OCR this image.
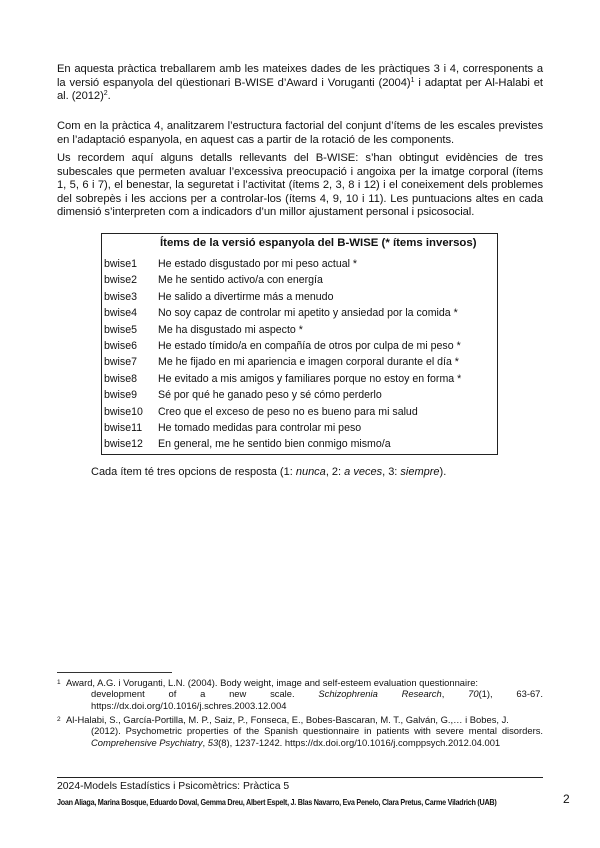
En aquesta pràctica treballarem amb les mateixes dades de les pràctiques 3 i 4, corresponents a la versió espanyola del qüestionari B-WISE d’Award i Voruganti $(2004)^1$ i adaptat per Al-Halabi et al. $(2012)^2$.

Com en la pràctica 4, analitzarem l’estructura factorial del conjunt d’ítems de les escales previstes en l’adaptació espanyola, en aquest cas a partir de la rotació de les components.

Us recordem aquí alguns detalls rellevants del B-WISE: s’han obtingut evidències de tres subescales que permeten avaluar l’excessiva preocupació i angoixa per la imatge corporal (ítems 1, 5, 6 i 7), el benestar, la seguretat i l’activitat (ítems 2, 3, 8 i 12) i el coneixement dels problemes del sobrepès i les accions per a controlar-los (ítems 4, 9, 10 i 11). Les puntuacions altes en cada dimensió s’interpreten com a indicadors d’un millor ajustament personal i psicosocial.

Ítems de la versió espanyola del B-WISE (* ítems inversos)
bwise1 He estado disgustado por mi peso actual *
bwise2 Me he sentido activo/a con energía
bwise3 He salido a divertirme más a menudo
bwise4 No soy capaz de controlar mi apetito y ansiedad por la comida *
bwise5 Me ha disgustado mi aspecto *
bwise6 He estado tímido/a en compañía de otros por culpa de mi peso *
bwise7 Me he fijado en mi apariencia e imagen corporal durante el día *
bwise8 He evitado a mis amigos y familiares porque no estoy en forma *
bwise9 Sé por qué he ganado peso y sé cómo perderlo
bwise10 Creo que el exceso de peso no es bueno para mi salud
bwise11 He tomado medidas para controlar mi peso
bwise12 En general, me he sentido bien conmigo mismo/a
Cada ítem té tres opcions de resposta (1: nunca, 2: a veces, 3: siempre).
1 Award, A.G. i Voruganti, L.N. (2004). Body weight, image and self-esteem evaluation questionnaire:
development of a new scale. Schizophrenia Research, 70(1), 63-67. https://dx.doi.org/10.1016/j.schres.2003.12.004
2 Al-Halabi, S., García-Portilla, M. P., Saiz, P., Fonseca, E., Bobes-Bascaran, M. T., Galván, G.,… i Bobes, J.
(2012). Psychometric properties of the Spanish questionnaire in patients with severe mental disorders. Comprehensive Psychiatry, 53(8), 1237-1242. https://dx.doi.org/10.1016/j.comppsych.2012.04.001
2024-Models Estadístics i Psicomètrics: Pràctica 5
Joan Aliaga, Marina Bosque, Eduardo Doval, Gemma Dreu, Albert Espelt, J. Blas Navarro, Eva Penelo, Clara Pretus, Carme Viladrich (UAB)	2
